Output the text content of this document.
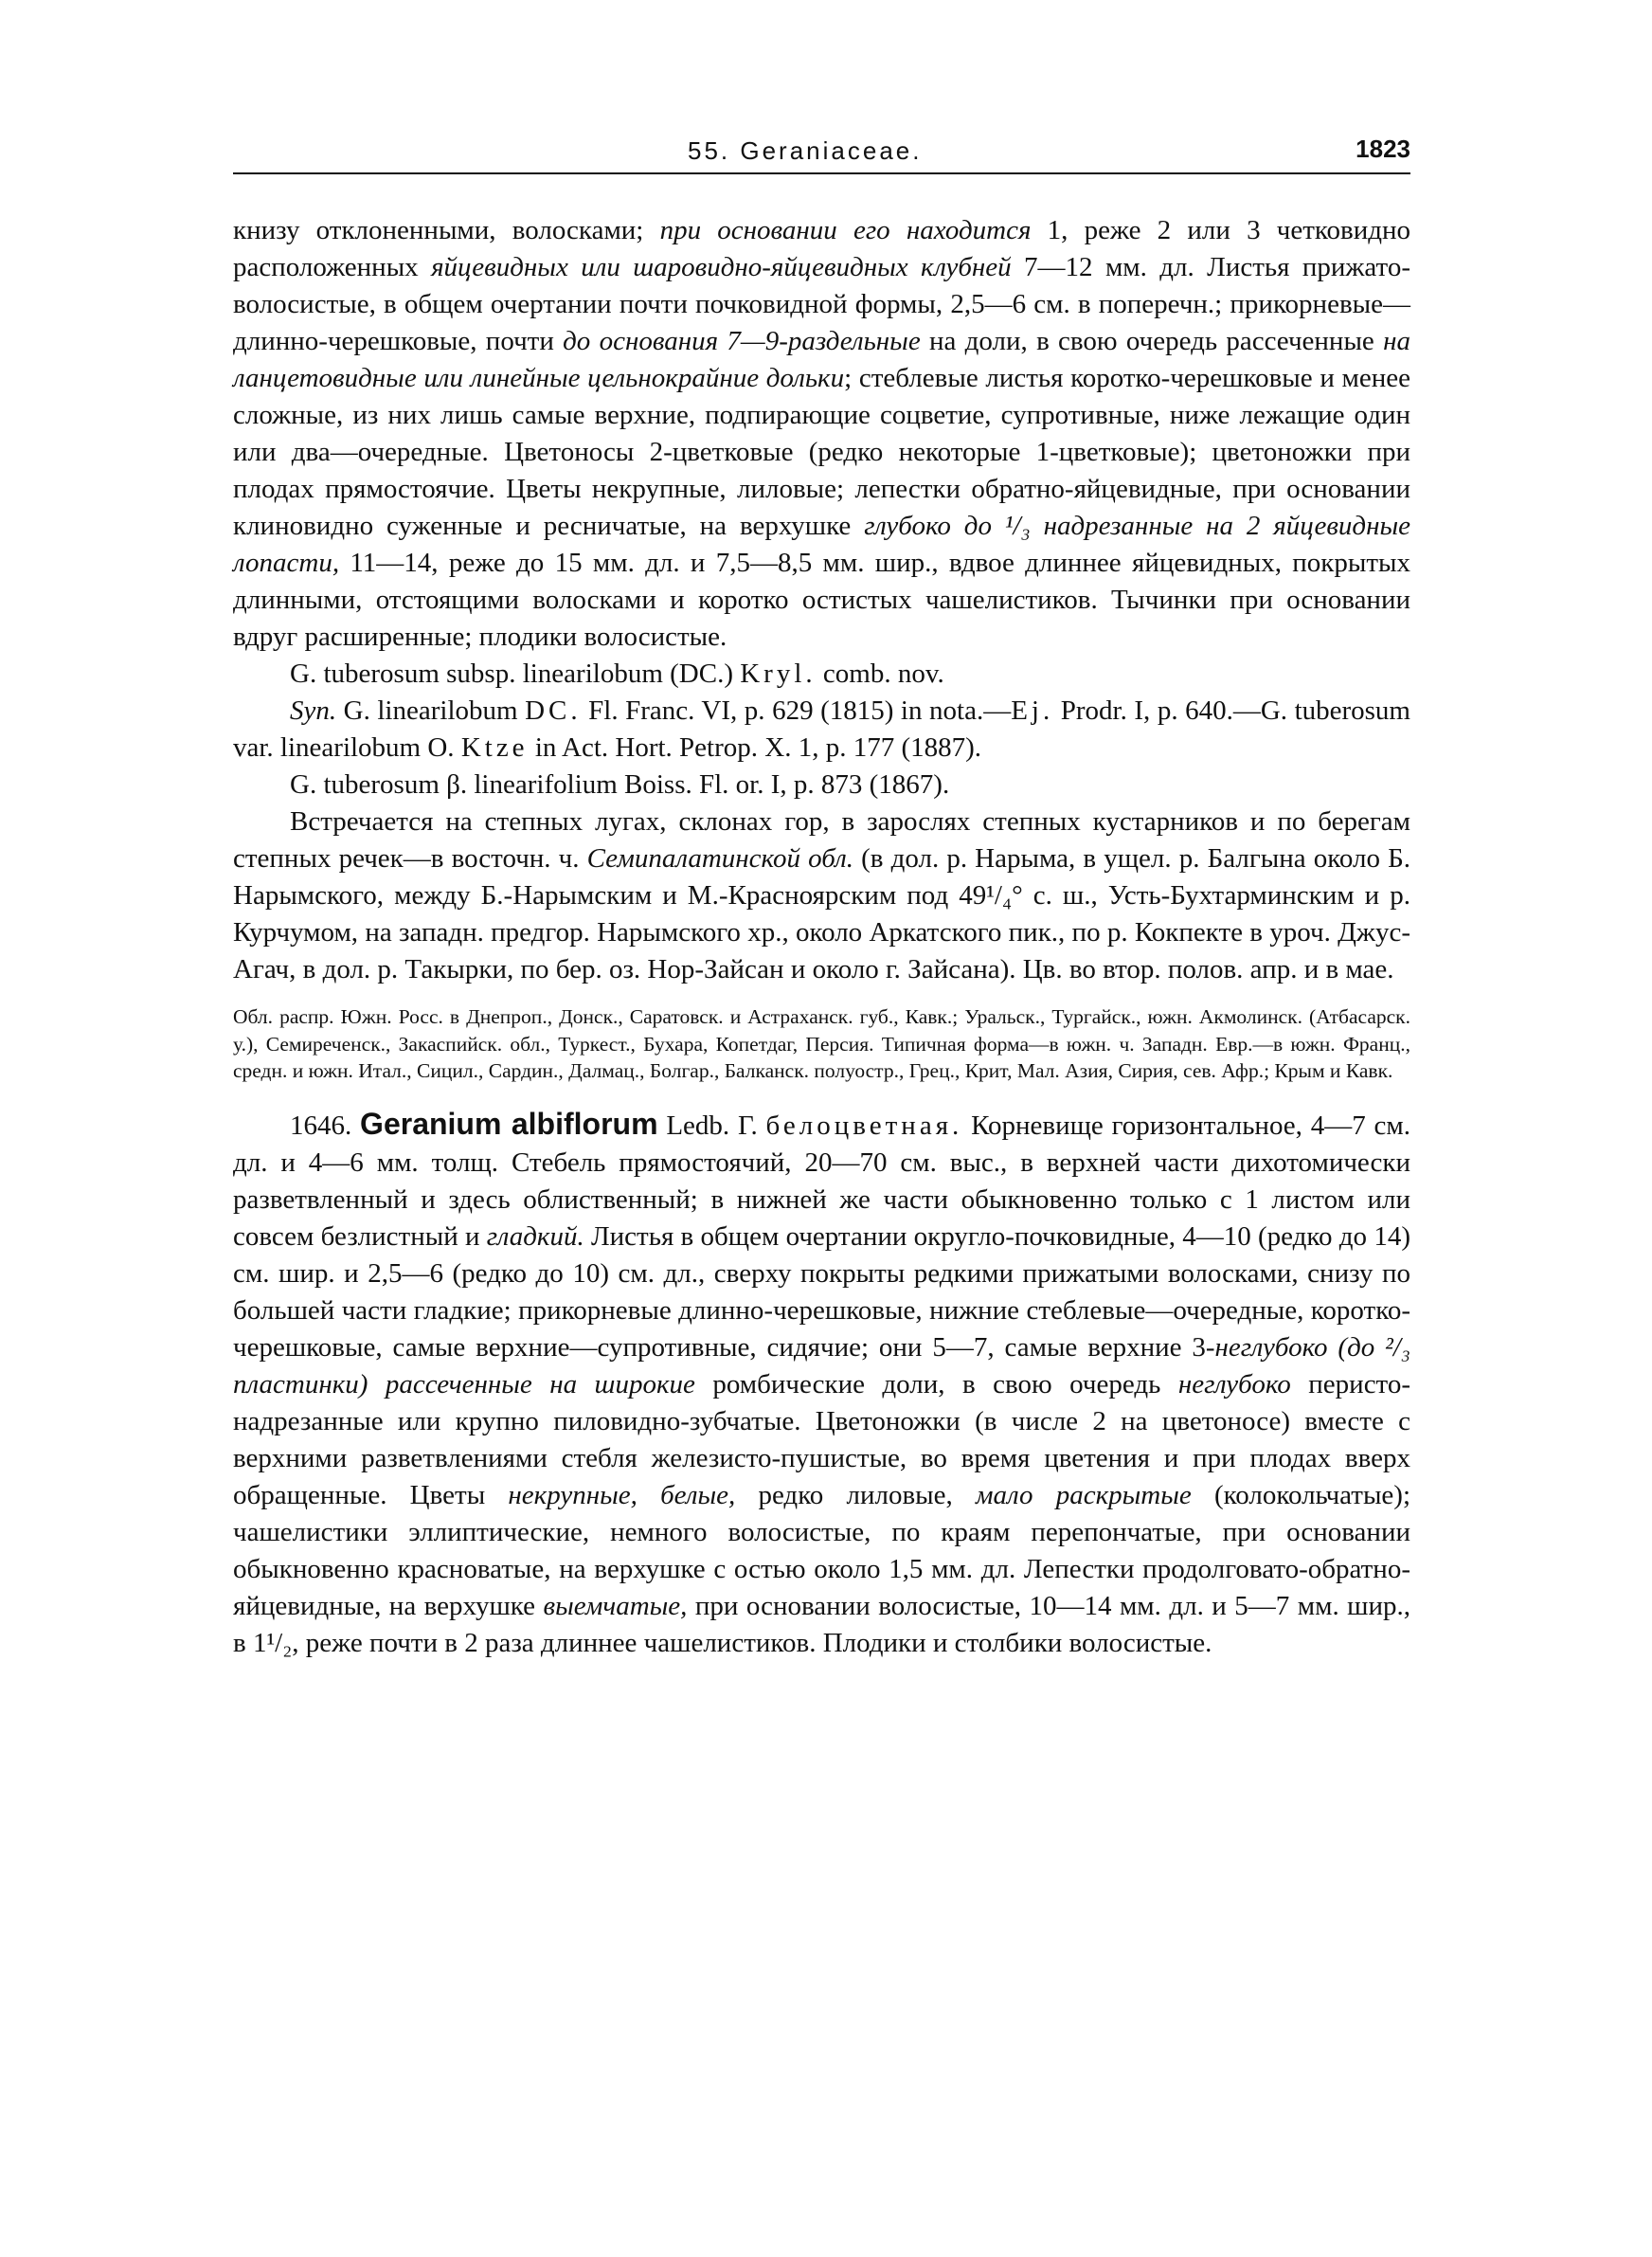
55. Geraniaceae.	1823

книзу отклоненными, волосками; при основании его находится 1, реже 2 или 3 четковидно расположенных яйцевидных или шаровидно-яйцевидных клубней 7—12 мм. дл. Листья прижато-волосистые, в общем очертании почти почковидной формы, 2,5—6 см. в поперечн.; прикорневые—длинно-черешковые, почти до основания 7—9-раздельные на доли, в свою очередь рассеченные на ланцетовидные или линейные цельнокрайние дольки; стеблевые листья коротко-черешковые и менее сложные, из них лишь самые верхние, подпирающие соцветие, супротивные, ниже лежащие один или два—очередные. Цветоносы 2-цветковые (редко некоторые 1-цветковые); цветоножки при плодах прямостоячие. Цветы некрупные, лиловые; лепестки обратно-яйцевидные, при основании клиновидно суженные и ресничатые, на верхушке глубоко до ¹/₃ надрезанные на 2 яйцевидные лопасти, 11—14, реже до 15 мм. дл. и 7,5—8,5 мм. шир., вдвое длиннее яйцевидных, покрытых длинными, отстоящими волосками и коротко остистых чашелистиков. Тычинки при основании вдруг расширенные; плодики волосистые.

G. tuberosum subsp. linearilobum (DC.) Kryl. comb. nov.

Syn. G. linearilobum DC. Fl. Franc. VI, p. 629 (1815) in nota.—Ej. Prodr. I, p. 640.—G. tuberosum var. linearilobum O. Ktze in Act. Hort. Petrop. X. 1, p. 177 (1887).

G. tuberosum β. linearifolium Boiss. Fl. or. I, p. 873 (1867).

Встречается на степных лугах, склонах гор, в зарослях степных кустарников и по берегам степных речек—в восточн. ч. Семипалатинской обл. (в дол. р. Нарыма, в ущел. р. Балгына около Б. Нарымского, между Б.-Нарымским и М.-Красноярским под 49¹/₄° с. ш., Усть-Бухтарминским и р. Курчумом, на западн. предгор. Нарымского хр., около Аркатского пик., по р. Кокпекте в уроч. Джус-Агач, в дол. р. Такырки, по бер. оз. Нор-Зайсан и около г. Зайсана). Цв. во втор. полов. апр. и в мае.

Обл. распр. Южн. Росс. в Днепроп., Донск., Саратовск. и Астраханск. губ., Кавк.; Уральск., Тургайск., южн. Акмолинск. (Атбасарск. у.), Семиреченск., Закаспийск. обл., Туркест., Бухара, Копетдаг, Персия. Типичная форма—в южн. ч. Западн. Евр.—в южн. Франц., средн. и южн. Итал., Сицил., Сардин., Далмац., Болгар., Балканск. полуостр., Грец., Крит, Мал. Азия, Сирия, сев. Афр.; Крым и Кавк.

1646. Geranium albiflorum Ledb. Г. белоцветная. Корневище горизонтальное, 4—7 см. дл. и 4—6 мм. толщ. Стебель прямостоячий, 20—70 см. выс., в верхней части дихотомически разветвленный и здесь облиственный; в нижней же части обыкновенно только с 1 листом или совсем безлистный и гладкий. Листья в общем очертании округло-почковидные, 4—10 (редко до 14) см. шир. и 2,5—6 (редко до 10) см. дл., сверху покрыты редкими прижатыми волосками, снизу по большей части гладкие; прикорневые длинно-черешковые, нижние стеблевые—очередные, коротко-черешковые, самые верхние—супротивные, сидячие; они 5—7, самые верхние 3-неглубоко (до ²/₃ пластинки) рассеченные на широкие ромбические доли, в свою очередь неглубоко перисто-надрезанные или крупно пиловидно-зубчатые. Цветоножки (в числе 2 на цветоносе) вместе с верхними разветвлениями стебля железисто-пушистые, во время цветения и при плодах вверх обращенные. Цветы некрупные, белые, редко лиловые, мало раскрытые (колокольчатые); чашелистики эллиптические, немного волосистые, по краям перепончатые, при основании обыкновенно красноватые, на верхушке с остью около 1,5 мм. дл. Лепестки продолговато-обратно-яйцевидные, на верхушке выемчатые, при основании волосистые, 10—14 мм. дл. и 5—7 мм. шир., в 1¹/₂, реже почти в 2 раза длиннее чашелистиков. Плодики и столбики волосистые.
